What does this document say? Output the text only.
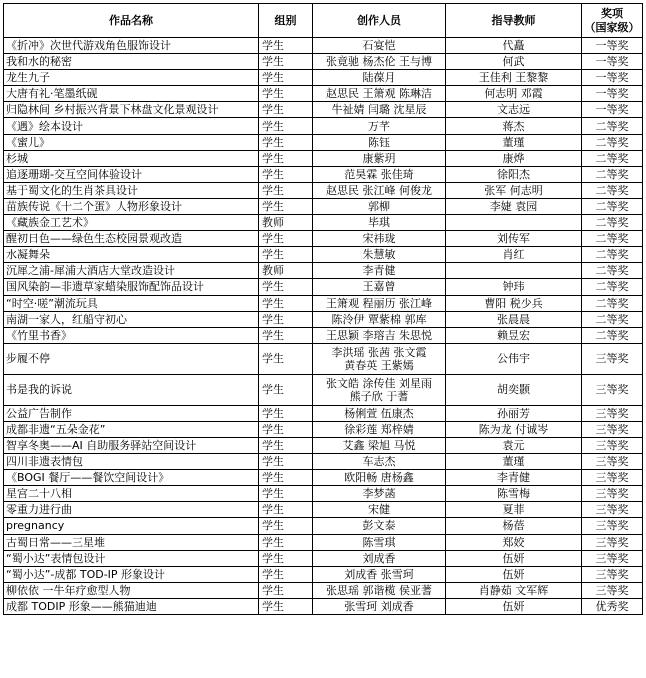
作品名称	组别	创作人员	指导教师	奖项
（国家级）
《折冲》次世代游戏角色服饰设计	学生	石宴恺	代矗	一等奖
我和水的秘密	学生	张竟驰 杨杰伦 王与博	何武	一等奖
龙生九子	学生	陆葆月	王佳利 王黎黎	一等奖
大唐有礼·笔墨纸砚	学生	赵思民 王箫观 陈琳洁	何志明 邓霞	一等奖
归隐林间 乡村振兴背景下林盘文化景观设计	学生	牛祉婧 闫璐 沈星辰	文志远	一等奖
《遇》绘本设计	学生	万芊	蒋杰	二等奖
《蜜儿》	学生	陈钰	董瑾	二等奖
杉城	学生	康紫玥	康烨	二等奖
追逐珊瑚-交互空间体验设计	学生	范昊霖 张佳琦	徐阳杰	二等奖
基于蜀文化的生肖茶具设计	学生	赵思民 张江峰 何俊龙	张军 何志明	二等奖
苗族传说《十二个蛋》人物形象设计	学生	郭柳	李婕 袁园	二等奖
《藏族金工艺术》	教师	毕琪		二等奖
醒初日色——绿色生态校园景观改造	学生	宋祎珑	刘传军	二等奖
水凝舞朵	学生	朱慧敏	肖红	二等奖
沉犀之浦-犀浦大酒店大堂改造设计	教师	李青健		二等奖
国风染韵—非遗草家蜡染服饰配饰品设计	学生	王嘉曾	钟玮	二等奖
“时空·嗟”潮流玩具	学生	王箫观 程丽历 张江峰	曹阳 税少兵	二等奖
南湖一家人，红船守初心	学生	陈泠伊 覃紫棉 郭库	张晨晨	二等奖
《竹里书香》	学生	王思颖 李瑢吉 朱思悦	赖昱宏	二等奖
步履不停	学生	李洪瑶 张茜 张文霞
黄春英 王紫嫣	公伟宇	三等奖
书是我的诉说	学生	张文皓 涂传佳 刘星雨
熊子欣 于蓍	胡奕颢	三等奖
公益广告制作	学生	杨俐萱 伍康杰	孙丽芳	三等奖
成都非遗“五朵金花”	学生	徐彩莲 郑梓婧	陈为龙 付诚岑	三等奖
智享冬奥——AI 自助服务驿站空间设计	学生	艾鑫 梁旭 马悦	袁元	三等奖
四川非遗表情包	学生	车志杰	董瑾	三等奖
《BOGI 餐厅——餐饮空间设计》	学生	欧阳畅 唐杨鑫	李青健	三等奖
星宫二十八相	学生	李梦菡	陈雪梅	三等奖
零重力进行曲	学生	宋健	夏菲	三等奖
pregnancy	学生	彭文泰	杨蓓	三等奖
古蜀日常——三星堆	学生	陈雪琪	郑姣	三等奖
“蜀小达”表情包设计	学生	刘成香	伍妍	三等奖
“蜀小达”-成都 TOD-IP 形象设计	学生	刘成香 张雪珂	伍妍	三等奖
柳依依 一牛年疗愈型人物	学生	张思瑶 郭谐榄 侯亚蓍	肖静茹 文军辉	三等奖
成都 TODIP 形象——熊猫迪迪	学生	张雪珂 刘成香	伍妍	优秀奖
